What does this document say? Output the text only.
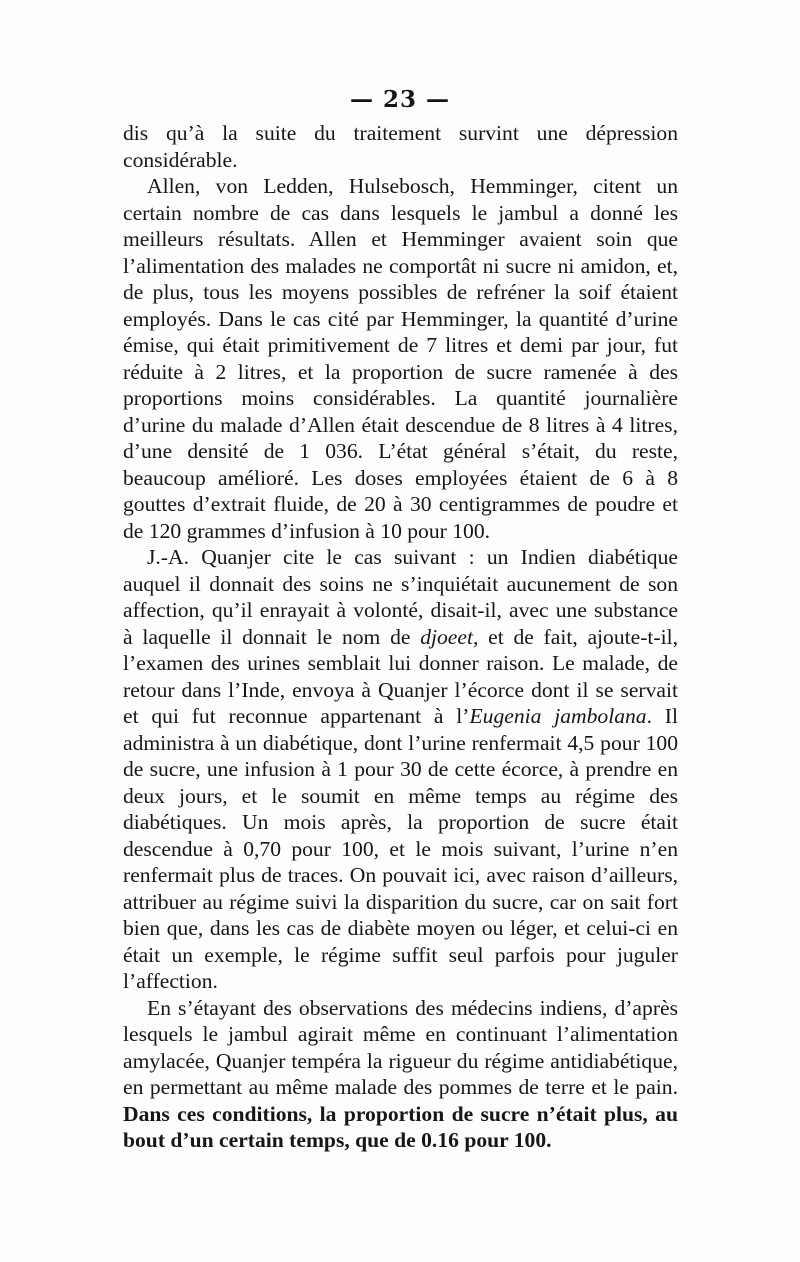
— 23 —

dis qu’à la suite du traitement survint une dépression considérable.

Allen, von Ledden, Hulsebosch, Hemminger, citent un certain nombre de cas dans lesquels le jambul a donné les meilleurs résultats. Allen et Hemminger avaient soin que l’alimentation des malades ne comportât ni sucre ni amidon, et, de plus, tous les moyens possibles de refréner la soif étaient employés. Dans le cas cité par Hemminger, la quantité d’urine émise, qui était primitivement de 7 litres et demi par jour, fut réduite à 2 litres, et la proportion de sucre ramenée à des proportions moins considérables. La quantité journalière d’urine du malade d’Allen était descendue de 8 litres à 4 litres, d’une densité de 1 036. L’état général s’était, du reste, beaucoup amélioré. Les doses employées étaient de 6 à 8 gouttes d’extrait fluide, de 20 à 30 centigrammes de poudre et de 120 grammes d’infusion à 10 pour 100.

J.-A. Quanjer cite le cas suivant : un Indien diabétique auquel il donnait des soins ne s’inquiétait aucunement de son affection, qu’il enrayait à volonté, disait-il, avec une substance à laquelle il donnait le nom de djoeet, et de fait, ajoute-t-il, l’examen des urines semblait lui donner raison. Le malade, de retour dans l’Inde, envoya à Quanjer l’écorce dont il se servait et qui fut reconnue appartenant à l’Eugenia jambolana. Il administra à un diabétique, dont l’urine renfermait 4,5 pour 100 de sucre, une infusion à 1 pour 30 de cette écorce, à prendre en deux jours, et le soumit en même temps au régime des diabétiques. Un mois après, la proportion de sucre était descendue à 0,70 pour 100, et le mois suivant, l’urine n’en renfermait plus de traces. On pouvait ici, avec raison d’ailleurs, attribuer au régime suivi la disparition du sucre, car on sait fort bien que, dans les cas de diabète moyen ou léger, et celui-ci en était un exemple, le régime suffit seul parfois pour juguler l’affection.

En s’étayant des observations des médecins indiens, d’après lesquels le jambul agirait même en continuant l’alimentation amylacée, Quanjer tempéra la rigueur du régime antidiabétique, en permettant au même malade des pommes de terre et le pain. Dans ces conditions, la proportion de sucre n’était plus, au bout d’un certain temps, que de 0.16 pour 100.
